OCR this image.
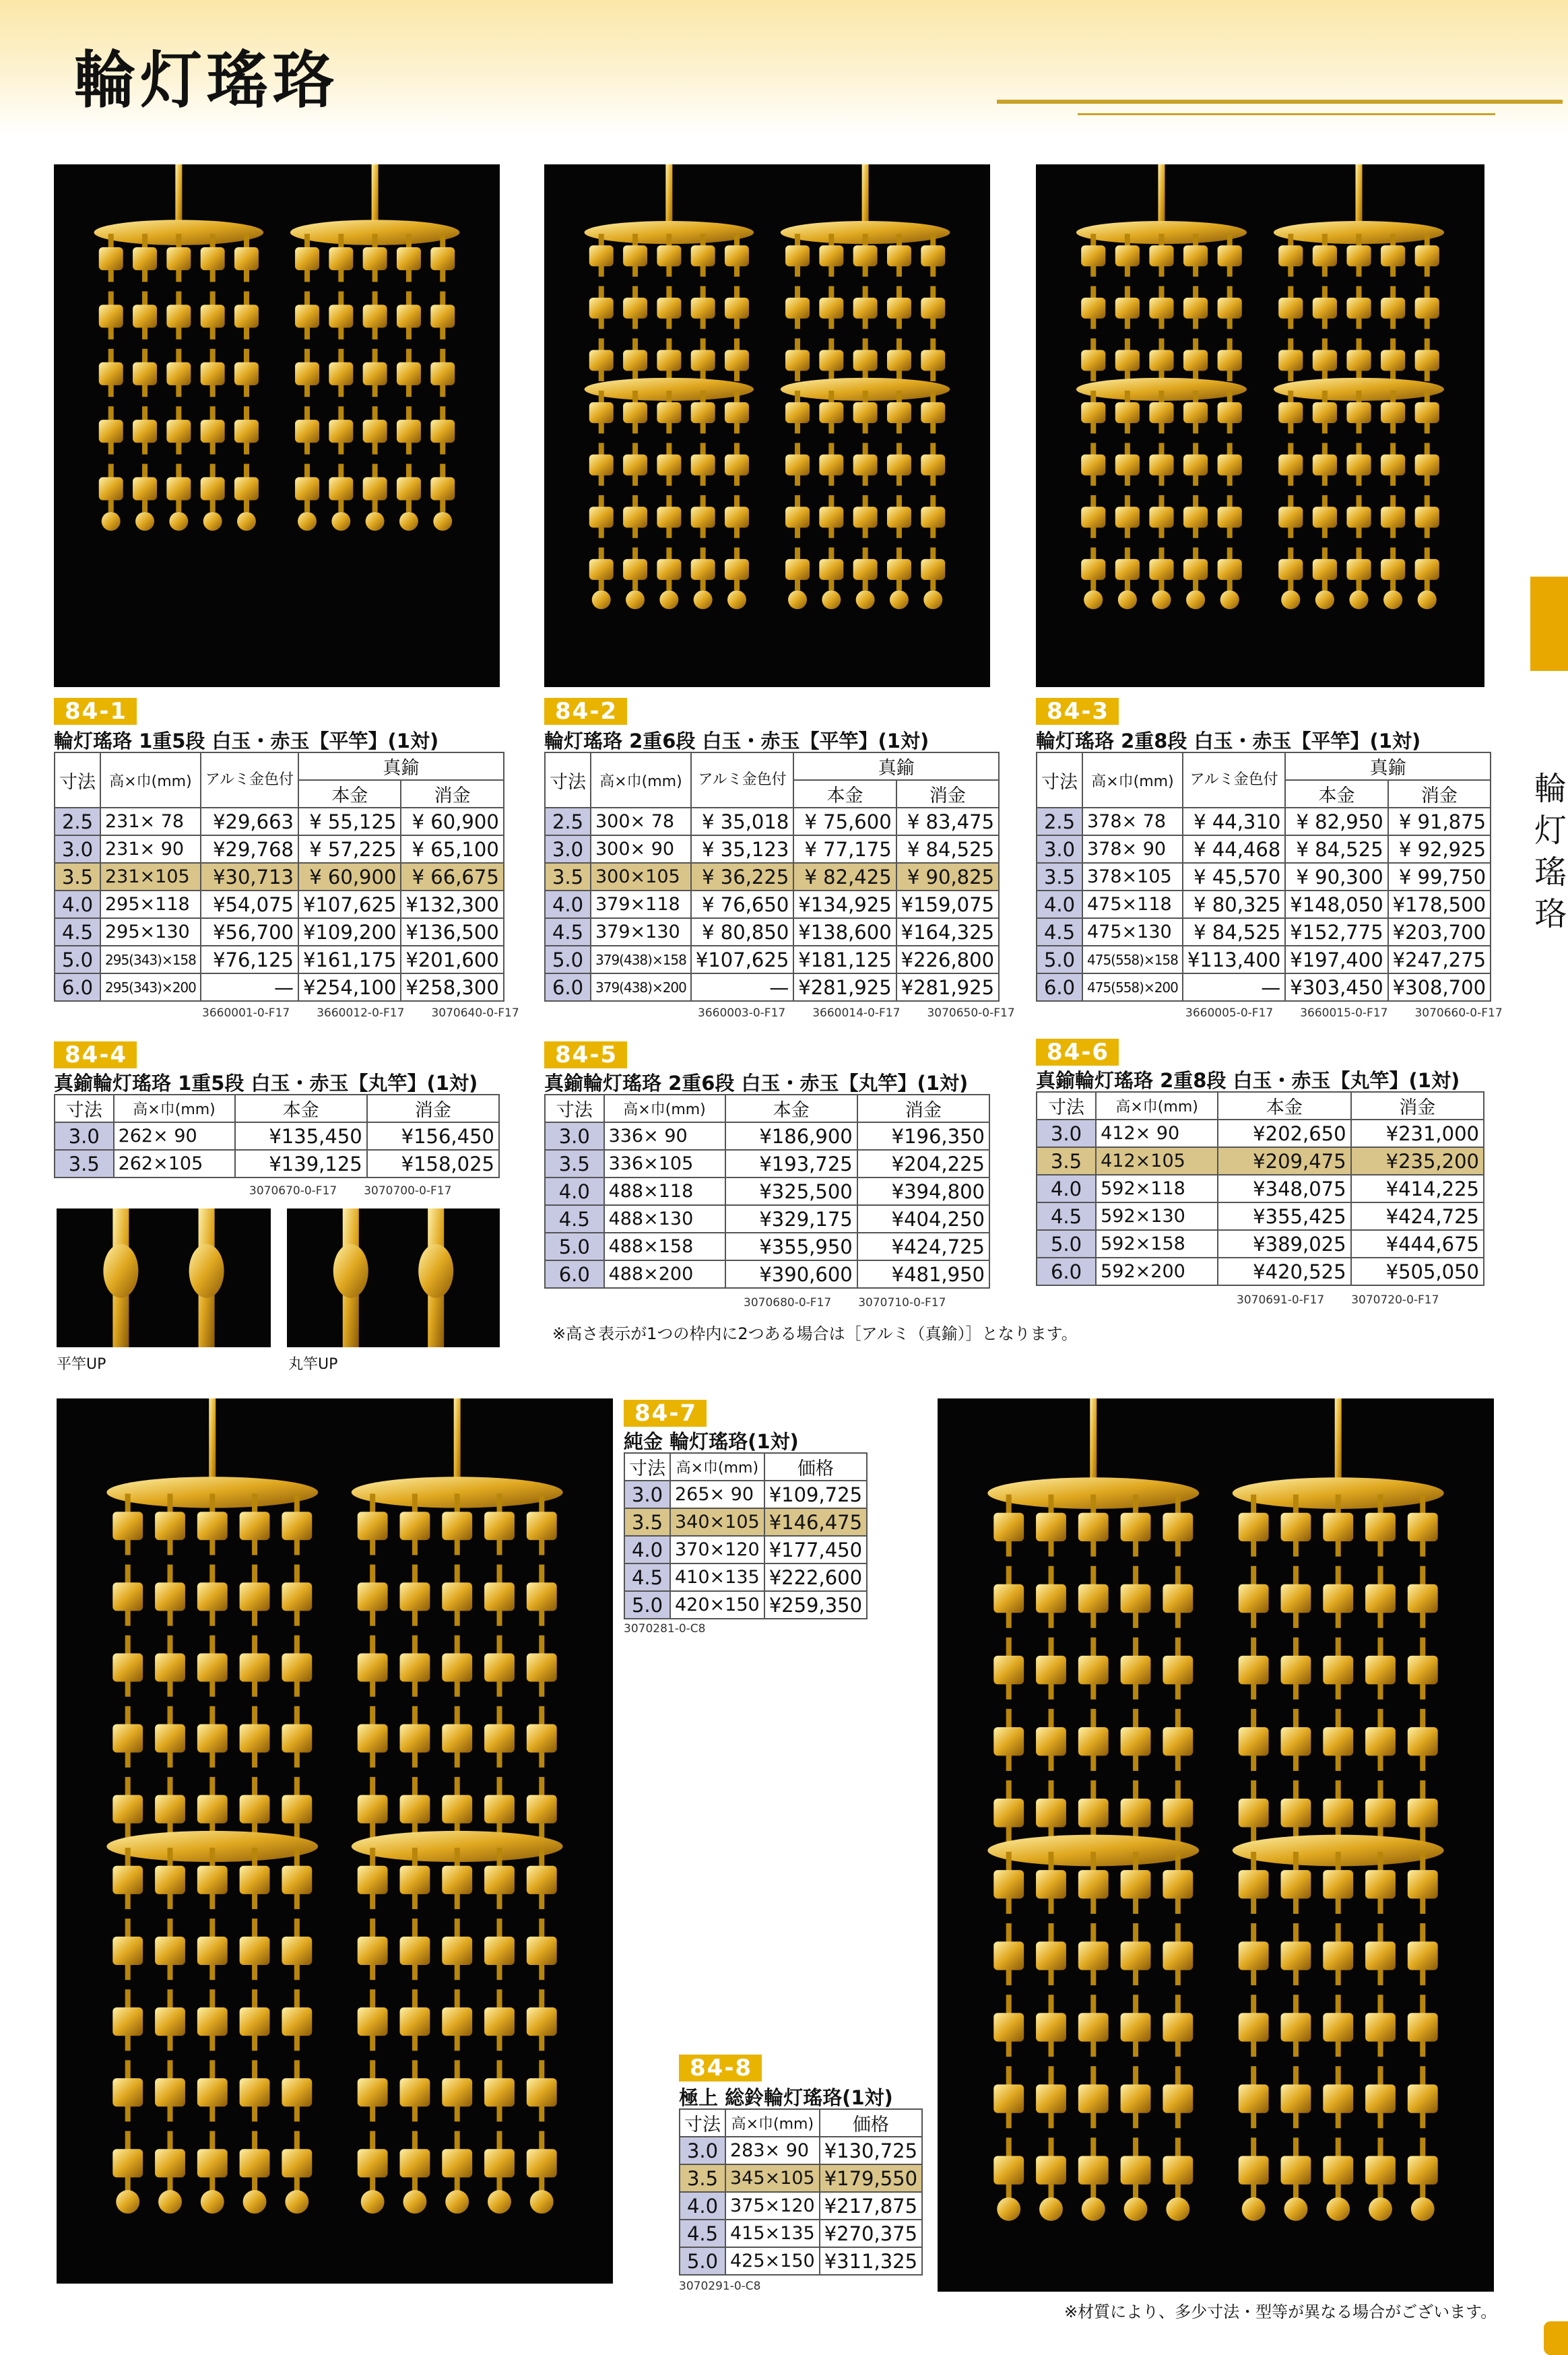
輪灯瑤珞
輪灯瑤珞
84-1
輪灯瑤珞 1重5段 白玉・赤玉【平竿】(1対)
寸法	高×巾(mm)	アルミ金色付	真鍮	
			本金	消金
2.5	231× 78	¥29,663	¥ 55,125	¥ 60,900
3.0	231× 90	¥29,768	¥ 57,225	¥ 65,100
3.5	231×105	¥30,713	¥ 60,900	¥ 66,675
4.0	295×118	¥54,075	¥107,625	¥132,300
4.5	295×130	¥56,700	¥109,200	¥136,500
5.0	295(343)×158	¥76,125	¥161,175	¥201,600
6.0	295(343)×200	—	¥254,100	¥258,300
3660001-0-F17 3660012-0-F17 3070640-0-F17
84-2
輪灯瑤珞 2重6段 白玉・赤玉【平竿】(1対)
寸法	高×巾(mm)	アルミ金色付	真鍮	
			本金	消金
2.5	300× 78	¥ 35,018	¥ 75,600	¥ 83,475
3.0	300× 90	¥ 35,123	¥ 77,175	¥ 84,525
3.5	300×105	¥ 36,225	¥ 82,425	¥ 90,825
4.0	379×118	¥ 76,650	¥134,925	¥159,075
4.5	379×130	¥ 80,850	¥138,600	¥164,325
5.0	379(438)×158	¥107,625	¥181,125	¥226,800
6.0	379(438)×200	—	¥281,925	¥281,925
3660003-0-F17 3660014-0-F17 3070650-0-F17
84-3
輪灯瑤珞 2重8段 白玉・赤玉【平竿】(1対)
寸法	高×巾(mm)	アルミ金色付	真鍮	
			本金	消金
2.5	378× 78	¥ 44,310	¥ 82,950	¥ 91,875
3.0	378× 90	¥ 44,468	¥ 84,525	¥ 92,925
3.5	378×105	¥ 45,570	¥ 90,300	¥ 99,750
4.0	475×118	¥ 80,325	¥148,050	¥178,500
4.5	475×130	¥ 84,525	¥152,775	¥203,700
5.0	475(558)×158	¥113,400	¥197,400	¥247,275
6.0	475(558)×200	—	¥303,450	¥308,700
3660005-0-F17 3660015-0-F17 3070660-0-F17
84-4
真鍮輪灯瑤珞 1重5段 白玉・赤玉【丸竿】(1対)
寸法	高×巾(mm)	本金	消金
3.0	262× 90	¥135,450	¥156,450
3.5	262×105	¥139,125	¥158,025
3070670-0-F17 3070700-0-F17
平竿UP	丸竿UP
84-5
真鍮輪灯瑤珞 2重6段 白玉・赤玉【丸竿】(1対)
寸法	高×巾(mm)	本金	消金
3.0	336× 90	¥186,900	¥196,350
3.5	336×105	¥193,725	¥204,225
4.0	488×118	¥325,500	¥394,800
4.5	488×130	¥329,175	¥404,250
5.0	488×158	¥355,950	¥424,725
6.0	488×200	¥390,600	¥481,950
3070680-0-F17 3070710-0-F17
※高さ表示が1つの枠内に2つある場合は［アルミ（真鍮）］となります。
84-6
真鍮輪灯瑤珞 2重8段 白玉・赤玉【丸竿】(1対)
寸法	高×巾(mm)	本金	消金
3.0	412× 90	¥202,650	¥231,000
3.5	412×105	¥209,475	¥235,200
4.0	592×118	¥348,075	¥414,225
4.5	592×130	¥355,425	¥424,725
5.0	592×158	¥389,025	¥444,675
6.0	592×200	¥420,525	¥505,050
3070691-0-F17 3070720-0-F17
84-7
純金 輪灯瑤珞(1対)
寸法	高×巾(mm)	価格
3.0	265× 90	¥109,725
3.5	340×105	¥146,475
4.0	370×120	¥177,450
4.5	410×135	¥222,600
5.0	420×150	¥259,350
3070281-0-C8
84-8
極上 総鈴輪灯瑤珞(1対)
寸法	高×巾(mm)	価格
3.0	283× 90	¥130,725
3.5	345×105	¥179,550
4.0	375×120	¥217,875
4.5	415×135	¥270,375
5.0	425×150	¥311,325
3070291-0-C8
※材質により、多少寸法・型等が異なる場合がございます。
